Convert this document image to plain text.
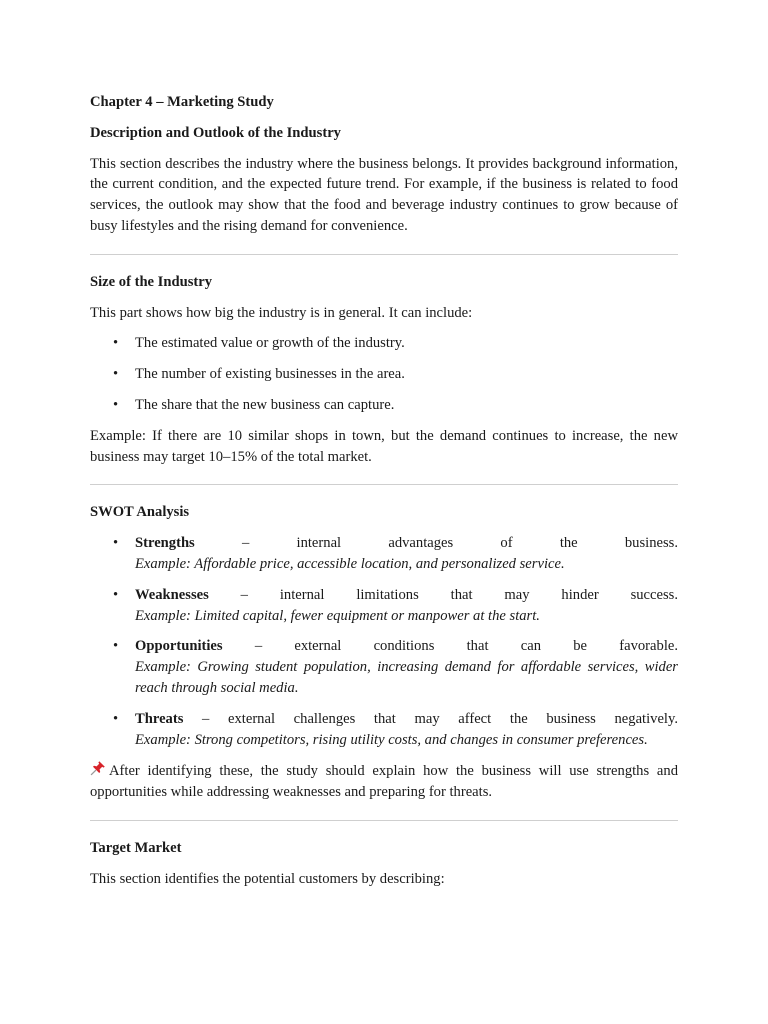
Chapter 4 – Marketing Study
Description and Outlook of the Industry

This section describes the industry where the business belongs. It provides background information, the current condition, and the expected future trend. For example, if the business is related to food services, the outlook may show that the food and beverage industry continues to grow because of busy lifestyles and the rising demand for convenience.

Size of the Industry

This part shows how big the industry is in general. It can include:

• The estimated value or growth of the industry.
• The number of existing businesses in the area.
• The share that the new business can capture.

Example: If there are 10 similar shops in town, but the demand continues to increase, the new business may target 10–15% of the total market.

SWOT Analysis
• Strengths – internal advantages of the business.
Example: Affordable price, accessible location, and personalized service.
• Weaknesses – internal limitations that may hinder success.
Example: Limited capital, fewer equipment or manpower at the start.
• Opportunities – external conditions that can be favorable.
Example: Growing student population, increasing demand for affordable services, wider reach through social media.
• Threats – external challenges that may affect the business negatively.
Example: Strong competitors, rising utility costs, and changes in consumer preferences.

After identifying these, the study should explain how the business will use strengths and opportunities while addressing weaknesses and preparing for threats.

Target Market

This section identifies the potential customers by describing:
